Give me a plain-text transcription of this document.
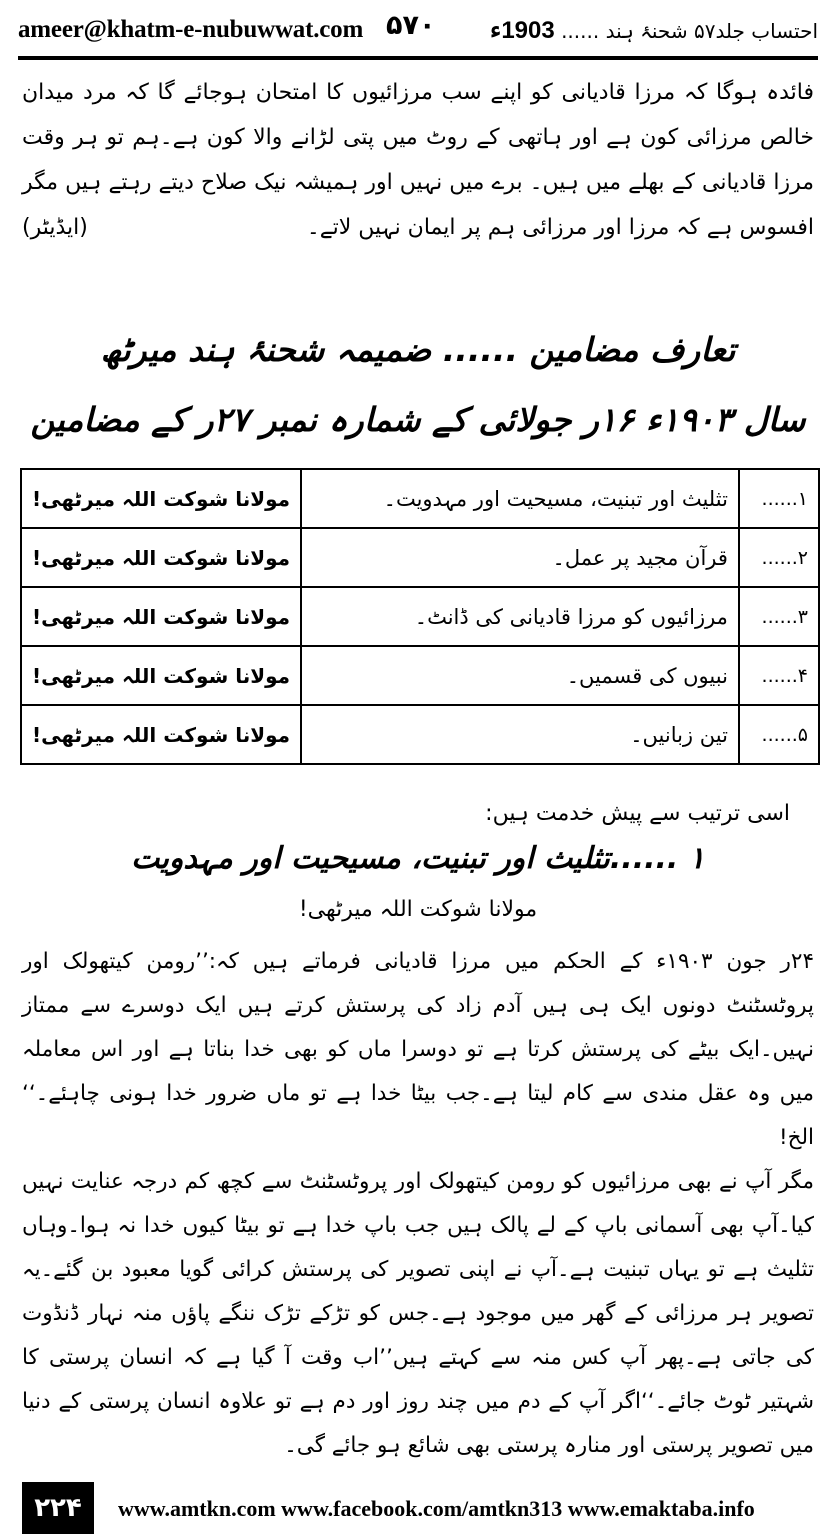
ameer@khatm-e-nubuwwat.com ۵۷۰	احتساب جلد۵۷ شحنۂ ہند ...... 1903ء
فائدہ ہوگا کہ مرزا قادیانی کو اپنے سب مرزائیوں کا امتحان ہوجائے گا کہ مرد میدان خالص مرزائی کون ہے اور ہاتھی کے روٹ میں پتی لڑانے والا کون ہے۔ہم تو ہر وقت مرزا قادیانی کے بھلے میں ہیں۔ برے میں نہیں اور ہمیشہ نیک صلاح دیتے رہتے ہیں مگر افسوس ہے کہ مرزا اور مرزائی ہم پر ایمان نہیں لاتے۔
(ایڈیٹر)
تعارف مضامین ...... ضمیمہ شحنۂ ہند میرٹھ
سال ۱۹۰۳ء ۱۶ر جولائی کے شمارہ نمبر ۲۷ر کے مضامین
۱......	تثلیث اور تبنیت، مسیحیت اور مہدویت۔	مولانا شوکت اللہ میرٹھی!
۲......	قرآن مجید پر عمل۔	مولانا شوکت اللہ میرٹھی!
۳......	مرزائیوں کو مرزا قادیانی کی ڈانٹ۔	مولانا شوکت اللہ میرٹھی!
۴......	نبیوں کی قسمیں۔	مولانا شوکت اللہ میرٹھی!
۵......	تین زبانیں۔	مولانا شوکت اللہ میرٹھی!
اسی ترتیب سے پیش خدمت ہیں:
۱ ......تثلیث اور تبنیت، مسیحیت اور مہدویت
مولانا شوکت اللہ میرٹھی!

۲۴ر جون ۱۹۰۳ء کے الحکم میں مرزا قادیانی فرماتے ہیں کہ:’’رومن کیتھولک اور پروٹسٹنٹ دونوں ایک ہی ہیں آدم زاد کی پرستش کرتے ہیں ایک دوسرے سے ممتاز نہیں۔ایک بیٹے کی پرستش کرتا ہے تو دوسرا ماں کو بھی خدا بناتا ہے اور اس معاملہ میں وہ عقل مندی سے کام لیتا ہے۔جب بیٹا خدا ہے تو ماں ضرور خدا ہونی چاہئے۔‘‘ الخ!

مگر آپ نے بھی مرزائیوں کو رومن کیتھولک اور پروٹسٹنٹ سے کچھ کم درجہ عنایت نہیں کیا۔آپ بھی آسمانی باپ کے لے پالک ہیں جب باپ خدا ہے تو بیٹا کیوں خدا نہ ہوا۔وہاں تثلیث ہے تو یہاں تبنیت ہے۔آپ نے اپنی تصویر کی پرستش کرائی گویا معبود بن گئے۔یہ تصویر ہر مرزائی کے گھر میں موجود ہے۔جس کو تڑکے تڑک ننگے پاؤں منہ نہار ڈنڈوت کی جاتی ہے۔پھر آپ کس منہ سے کہتے ہیں’’اب وقت آ گیا ہے کہ انسان پرستی کا شہتیر ٹوٹ جائے۔‘‘اگر آپ کے دم میں چند روز اور دم ہے تو علاوہ انسان پرستی کے دنیا میں تصویر پرستی اور منارہ پرستی بھی شائع ہو جائے گی۔

۲۲۴	www.amtkn.com www.facebook.com/amtkn313 www.emaktaba.info
